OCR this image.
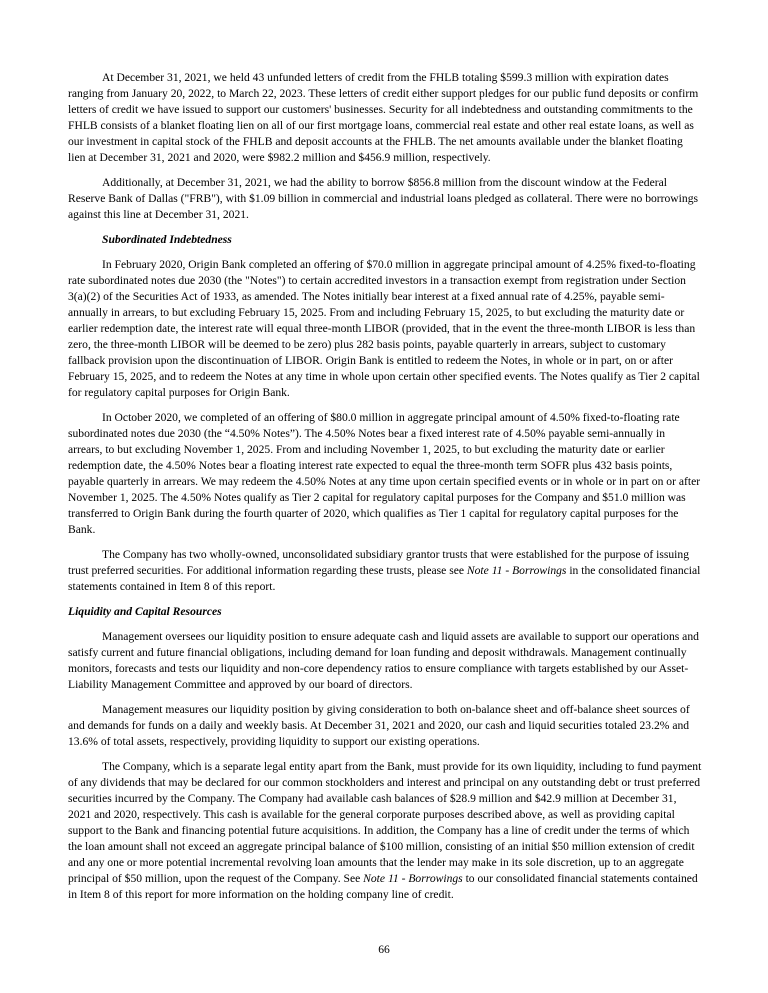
At December 31, 2021, we held 43 unfunded letters of credit from the FHLB totaling $599.3 million with expiration dates ranging from January 20, 2022, to March 22, 2023. These letters of credit either support pledges for our public fund deposits or confirm letters of credit we have issued to support our customers' businesses. Security for all indebtedness and outstanding commitments to the FHLB consists of a blanket floating lien on all of our first mortgage loans, commercial real estate and other real estate loans, as well as our investment in capital stock of the FHLB and deposit accounts at the FHLB. The net amounts available under the blanket floating lien at December 31, 2021 and 2020, were $982.2 million and $456.9 million, respectively.

Additionally, at December 31, 2021, we had the ability to borrow $856.8 million from the discount window at the Federal Reserve Bank of Dallas ("FRB"), with $1.09 billion in commercial and industrial loans pledged as collateral. There were no borrowings against this line at December 31, 2021.

Subordinated Indebtedness

In February 2020, Origin Bank completed an offering of $70.0 million in aggregate principal amount of 4.25% fixed-to-floating rate subordinated notes due 2030 (the "Notes") to certain accredited investors in a transaction exempt from registration under Section 3(a)(2) of the Securities Act of 1933, as amended. The Notes initially bear interest at a fixed annual rate of 4.25%, payable semi-annually in arrears, to but excluding February 15, 2025. From and including February 15, 2025, to but excluding the maturity date or earlier redemption date, the interest rate will equal three-month LIBOR (provided, that in the event the three-month LIBOR is less than zero, the three-month LIBOR will be deemed to be zero) plus 282 basis points, payable quarterly in arrears, subject to customary fallback provision upon the discontinuation of LIBOR. Origin Bank is entitled to redeem the Notes, in whole or in part, on or after February 15, 2025, and to redeem the Notes at any time in whole upon certain other specified events. The Notes qualify as Tier 2 capital for regulatory capital purposes for Origin Bank.

In October 2020, we completed of an offering of $80.0 million in aggregate principal amount of 4.50% fixed-to-floating rate subordinated notes due 2030 (the “4.50% Notes”). The 4.50% Notes bear a fixed interest rate of 4.50% payable semi-annually in arrears, to but excluding November 1, 2025. From and including November 1, 2025, to but excluding the maturity date or earlier redemption date, the 4.50% Notes bear a floating interest rate expected to equal the three-month term SOFR plus 432 basis points, payable quarterly in arrears. We may redeem the 4.50% Notes at any time upon certain specified events or in whole or in part on or after November 1, 2025. The 4.50% Notes qualify as Tier 2 capital for regulatory capital purposes for the Company and $51.0 million was transferred to Origin Bank during the fourth quarter of 2020, which qualifies as Tier 1 capital for regulatory capital purposes for the Bank.

The Company has two wholly-owned, unconsolidated subsidiary grantor trusts that were established for the purpose of issuing trust preferred securities. For additional information regarding these trusts, please see Note 11 - Borrowings in the consolidated financial statements contained in Item 8 of this report.

Liquidity and Capital Resources

Management oversees our liquidity position to ensure adequate cash and liquid assets are available to support our operations and satisfy current and future financial obligations, including demand for loan funding and deposit withdrawals. Management continually monitors, forecasts and tests our liquidity and non-core dependency ratios to ensure compliance with targets established by our Asset-Liability Management Committee and approved by our board of directors.

Management measures our liquidity position by giving consideration to both on-balance sheet and off-balance sheet sources of and demands for funds on a daily and weekly basis. At December 31, 2021 and 2020, our cash and liquid securities totaled 23.2% and 13.6% of total assets, respectively, providing liquidity to support our existing operations.

The Company, which is a separate legal entity apart from the Bank, must provide for its own liquidity, including to fund payment of any dividends that may be declared for our common stockholders and interest and principal on any outstanding debt or trust preferred securities incurred by the Company. The Company had available cash balances of $28.9 million and $42.9 million at December 31, 2021 and 2020, respectively. This cash is available for the general corporate purposes described above, as well as providing capital support to the Bank and financing potential future acquisitions. In addition, the Company has a line of credit under the terms of which the loan amount shall not exceed an aggregate principal balance of $100 million, consisting of an initial $50 million extension of credit and any one or more potential incremental revolving loan amounts that the lender may make in its sole discretion, up to an aggregate principal of $50 million, upon the request of the Company. See Note 11 - Borrowings to our consolidated financial statements contained in Item 8 of this report for more information on the holding company line of credit.

66
